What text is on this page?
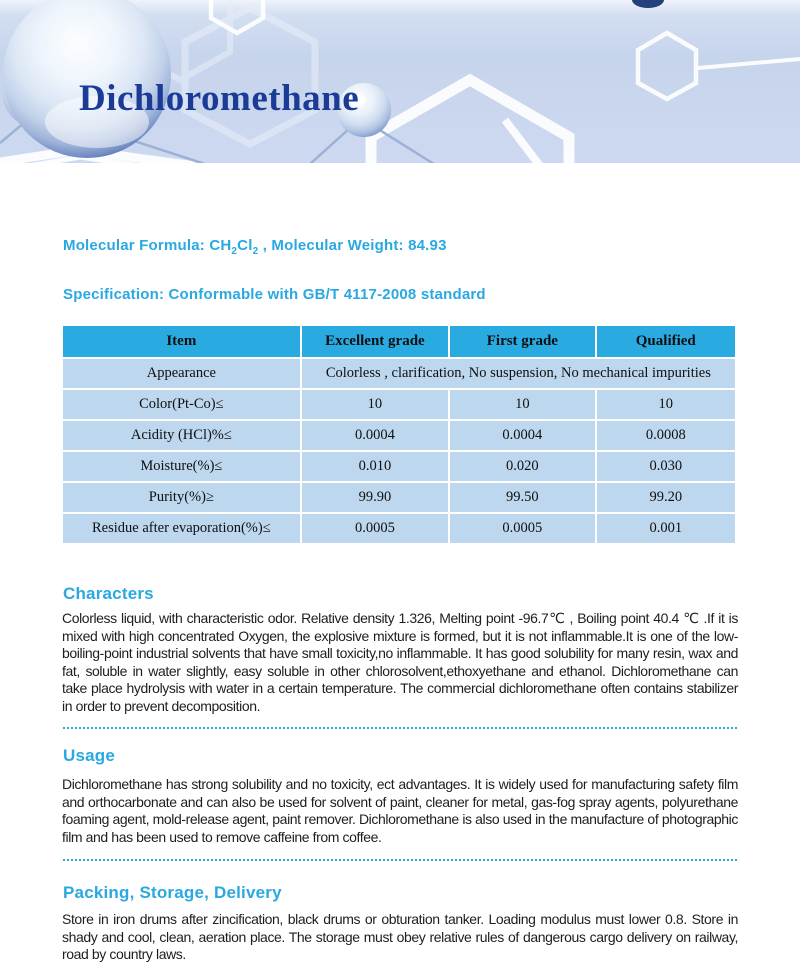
Dichloromethane

Molecular Formula: $CH_2Cl_2$ , Molecular Weight: 84.93

Specification: Conformable with GB/T 4117-2008 standard

Item	Excellent grade	First grade	Qualified
Appearance	Colorless , clarification, No suspension, No mechanical impurities		
Color(Pt-Co)≤	10	10	10
Acidity (HCl)%≤	0.0004	0.0004	0.0008
Moisture(%)≤	0.010	0.020	0.030
Purity(%)≥	99.90	99.50	99.20
Residue after evaporation(%)≤	0.0005	0.0005	0.001
Characters

Colorless liquid, with characteristic odor. Relative density 1.326, Melting point -96.7℃ , Boiling point 40.4 ℃ .If it is mixed with high concentrated Oxygen, the explosive mixture is formed, but it is not inflammable.It is one of the low-boiling-point industrial solvents that have small toxicity,no inflammable. It has good solubility for many resin, wax and fat, soluble in water slightly, easy soluble in other chlorosolvent,ethoxyethane and ethanol. Dichloromethane can take place hydrolysis with water in a certain temperature. The commercial dichloromethane often contains stabilizer in order to prevent decomposition.

Usage

Dichloromethane has strong solubility and no toxicity, ect advantages. It is widely used for manufacturing safety film and orthocarbonate and can also be used for solvent of paint, cleaner for metal, gas-fog spray agents, polyurethane foaming agent, mold-release agent, paint remover. Dichloromethane is also used in the manufacture of photographic film and has been used to remove caffeine from coffee.

Packing, Storage, Delivery

Store in iron drums after zincification, black drums or obturation tanker. Loading modulus must lower 0.8. Store in shady and cool, clean, aeration place. The storage must obey relative rules of dangerous cargo delivery on railway, road by country laws.
